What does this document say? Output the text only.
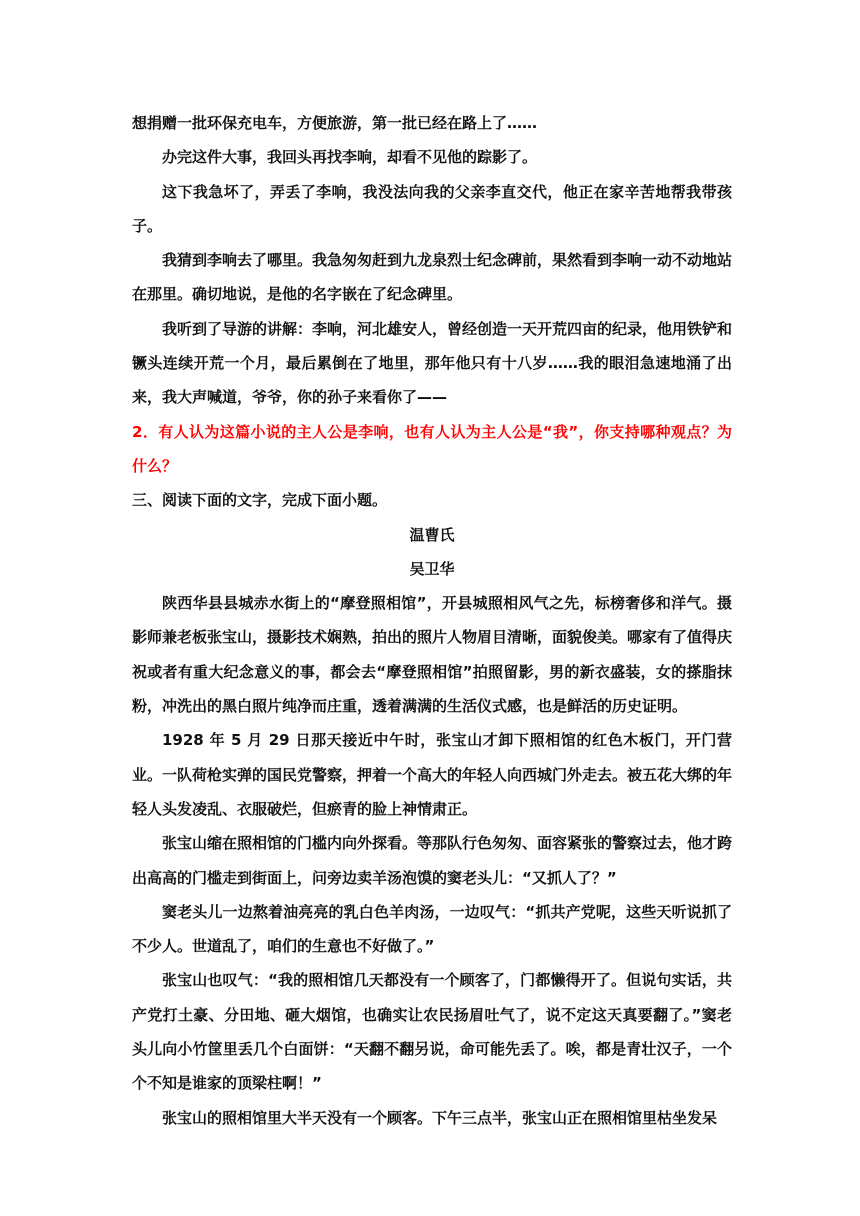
想捐赠一批环保充电车，方便旅游，第一批已经在路上了……

办完这件大事，我回头再找李响，却看不见他的踪影了。

这下我急坏了，弄丢了李响，我没法向我的父亲李直交代，他正在家辛苦地帮我带孩子。

我猜到李响去了哪里。我急匆匆赶到九龙泉烈士纪念碑前，果然看到李响一动不动地站在那里。确切地说，是他的名字嵌在了纪念碑里。

我听到了导游的讲解：李响，河北雄安人，曾经创造一天开荒四亩的纪录，他用铁铲和镢头连续开荒一个月，最后累倒在了地里，那年他只有十八岁……我的眼泪急速地涌了出来，我大声喊道，爷爷，你的孙子来看你了——

2．有人认为这篇小说的主人公是李响，也有人认为主人公是“我”，你支持哪种观点？为什么？

三、阅读下面的文字，完成下面小题。

温曹氏

吴卫华

陕西华县县城赤水街上的“摩登照相馆”，开县城照相风气之先，标榜奢侈和洋气。摄影师兼老板张宝山，摄影技术娴熟，拍出的照片人物眉目清晰，面貌俊美。哪家有了值得庆祝或者有重大纪念意义的事，都会去“摩登照相馆”拍照留影，男的新衣盛装，女的搽脂抹粉，冲洗出的黑白照片纯净而庄重，透着满满的生活仪式感，也是鲜活的历史证明。

1928 年 5 月 29 日那天接近中午时，张宝山才卸下照相馆的红色木板门，开门营业。一队荷枪实弹的国民党警察，押着一个高大的年轻人向西城门外走去。被五花大绑的年轻人头发凌乱、衣服破烂，但瘀青的脸上神情肃正。

张宝山缩在照相馆的门槛内向外探看。等那队行色匆匆、面容紧张的警察过去，他才跨出高高的门槛走到街面上，问旁边卖羊汤泡馍的窦老头儿：“又抓人了？”

窦老头儿一边熬着油亮亮的乳白色羊肉汤，一边叹气：“抓共产党呢，这些天听说抓了不少人。世道乱了，咱们的生意也不好做了。”

张宝山也叹气：“我的照相馆几天都没有一个顾客了，门都懒得开了。但说句实话，共产党打土豪、分田地、砸大烟馆，也确实让农民扬眉吐气了，说不定这天真要翻了。”窦老头儿向小竹筐里丢几个白面饼：“天翻不翻另说，命可能先丢了。唉，都是青壮汉子，一个个不知是谁家的顶梁柱啊！”

张宝山的照相馆里大半天没有一个顾客。下午三点半，张宝山正在照相馆里枯坐发呆
